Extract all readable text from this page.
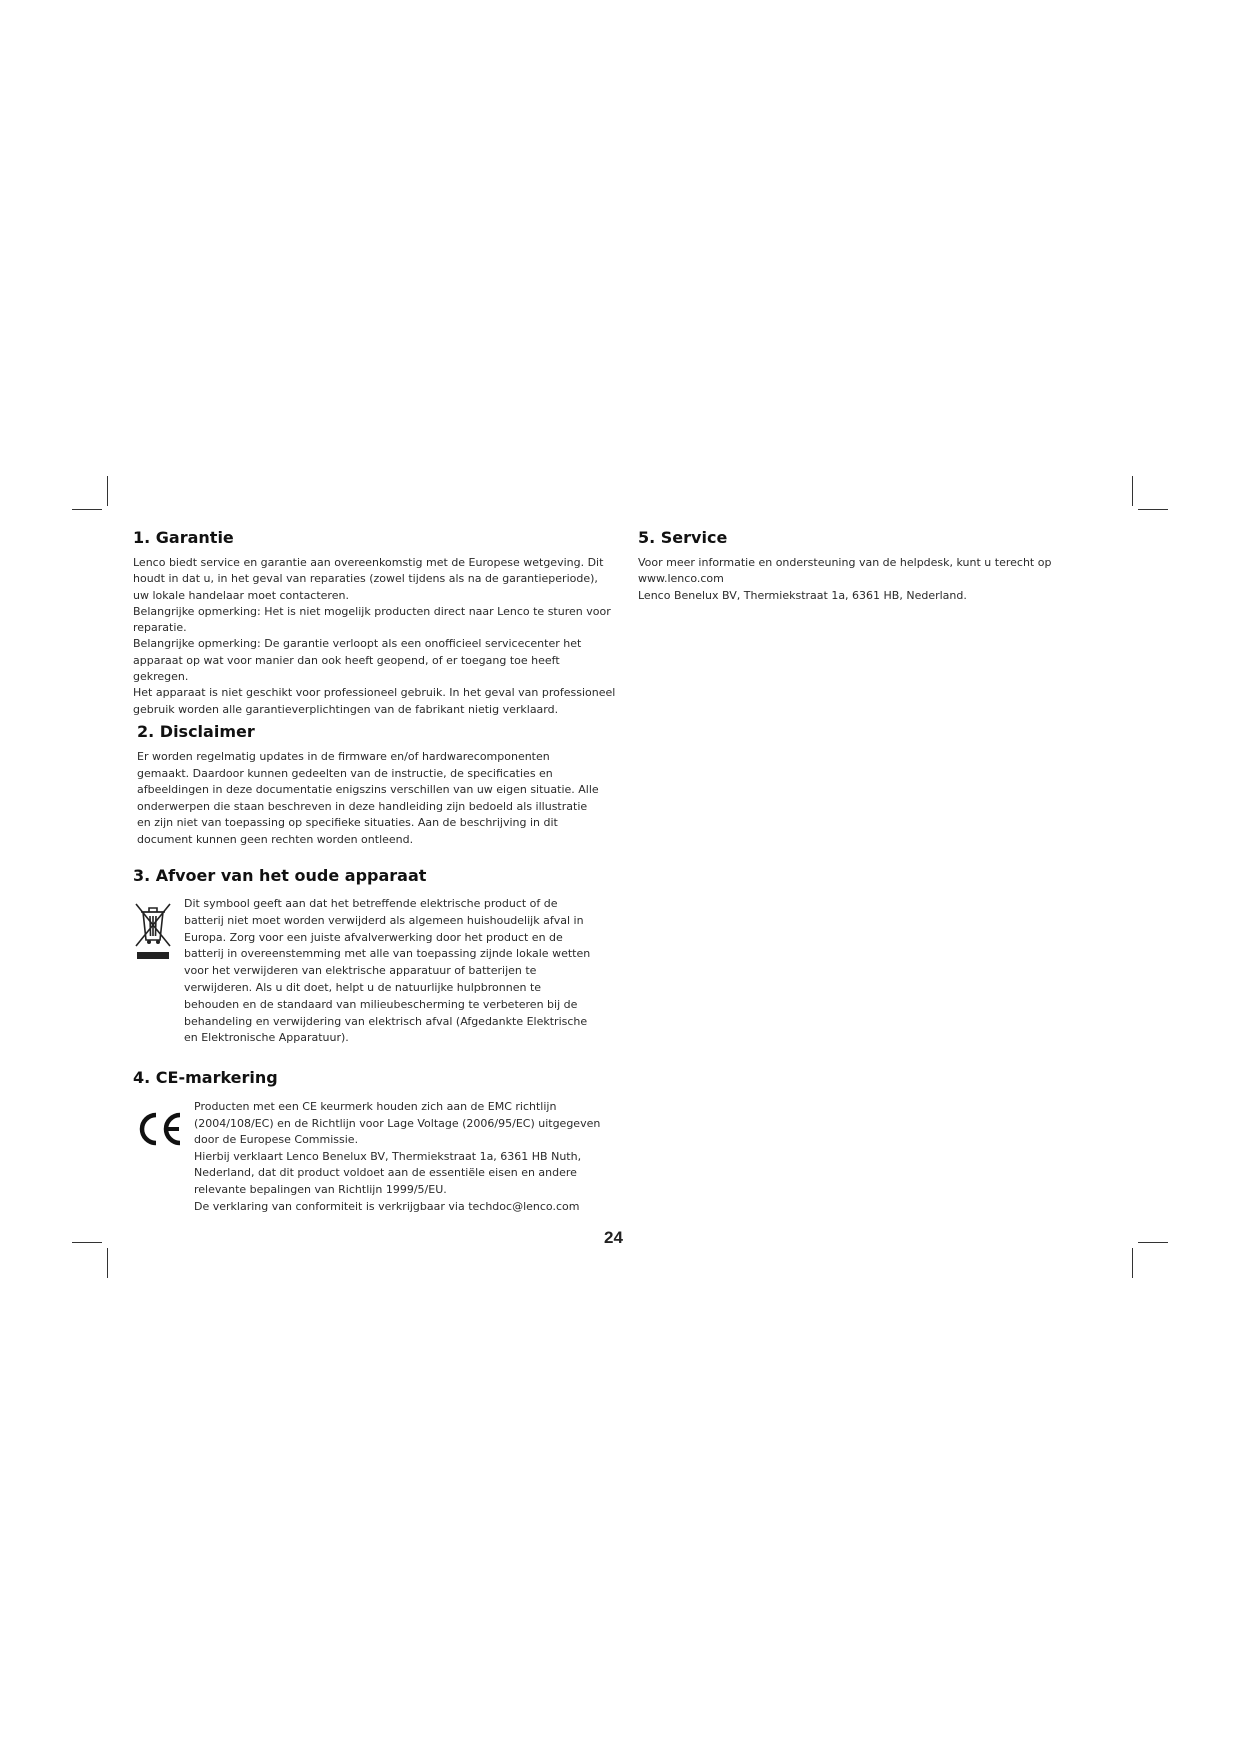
1. Garantie

Lenco biedt service en garantie aan overeenkomstig met de Europese wetgeving. Dit

houdt in dat u, in het geval van reparaties (zowel tijdens als na de garantieperiode),

uw lokale handelaar moet contacteren.

Belangrijke opmerking: Het is niet mogelijk producten direct naar Lenco te sturen voor

reparatie.

Belangrijke opmerking: De garantie verloopt als een onofficieel servicecenter het

apparaat op wat voor manier dan ook heeft geopend, of er toegang toe heeft

gekregen.

Het apparaat is niet geschikt voor professioneel gebruik. In het geval van professioneel

gebruik worden alle garantieverplichtingen van de fabrikant nietig verklaard.

2. Disclaimer

Er worden regelmatig updates in de firmware en/of hardwarecomponenten

gemaakt. Daardoor kunnen gedeelten van de instructie, de specificaties en

afbeeldingen in deze documentatie enigszins verschillen van uw eigen situatie. Alle

onderwerpen die staan beschreven in deze handleiding zijn bedoeld als illustratie

en zijn niet van toepassing op specifieke situaties. Aan de beschrijving in dit

document kunnen geen rechten worden ontleend.

3. Afvoer van het oude apparaat

Dit symbool geeft aan dat het betreffende elektrische product of de

batterij niet moet worden verwijderd als algemeen huishoudelijk afval in

Europa. Zorg voor een juiste afvalverwerking door het product en de

batterij in overeenstemming met alle van toepassing zijnde lokale wetten

voor het verwijderen van elektrische apparatuur of batterijen te

verwijderen. Als u dit doet, helpt u de natuurlijke hulpbronnen te

behouden en de standaard van milieubescherming te verbeteren bij de

behandeling en verwijdering van elektrisch afval (Afgedankte Elektrische

en Elektronische Apparatuur).

4. CE-markering

Producten met een CE keurmerk houden zich aan de EMC richtlijn

(2004/108/EC) en de Richtlijn voor Lage Voltage (2006/95/EC) uitgegeven

door de Europese Commissie.

Hierbij verklaart Lenco Benelux BV, Thermiekstraat 1a, 6361 HB Nuth,

Nederland, dat dit product voldoet aan de essentiële eisen en andere

relevante bepalingen van Richtlijn 1999/5/EU.

De verklaring van conformiteit is verkrijgbaar via techdoc@lenco.com

5. Service

Voor meer informatie en ondersteuning van de helpdesk, kunt u terecht op

www.lenco.com

Lenco Benelux BV, Thermiekstraat 1a, 6361 HB, Nederland.

24
